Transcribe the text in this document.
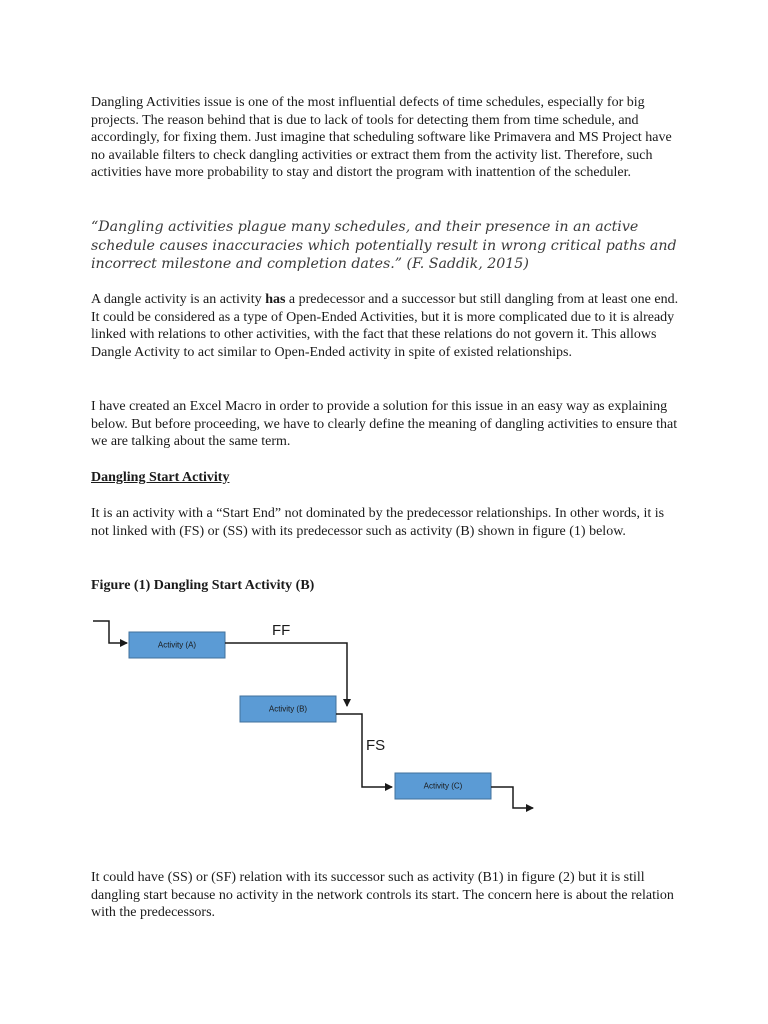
Dangling Activities issue is one of the most influential defects of time schedules, especially for big projects. The reason behind that is due to lack of tools for detecting them from time schedule, and accordingly, for fixing them. Just imagine that scheduling software like Primavera and MS Project have no available filters to check dangling activities or extract them from the activity list. Therefore, such activities have more probability to stay and distort the program with inattention of the scheduler.

“Dangling activities plague many schedules, and their presence in an active schedule causes inaccuracies which potentially result in wrong critical paths and incorrect milestone and completion dates.” (F. Saddik, 2015)

A dangle activity is an activity has a predecessor and a successor but still dangling from at least one end. It could be considered as a type of Open-Ended Activities, but it is more complicated due to it is already linked with relations to other activities, with the fact that these relations do not govern it. This allows Dangle Activity to act similar to Open-Ended activity in spite of existed relationships.

I have created an Excel Macro in order to provide a solution for this issue in an easy way as explaining below. But before proceeding, we have to clearly define the meaning of dangling activities to ensure that we are talking about the same term.

Dangling Start Activity

It is an activity with a “Start End” not dominated by the predecessor relationships. In other words, it is not linked with (FS) or (SS) with its predecessor such as activity (B) shown in figure (1) below.

Figure (1) Dangling Start Activity (B)

Activity (A)
FF
Activity (B)
FS
Activity (C)

It could have (SS) or (SF) relation with its successor such as activity (B1) in figure (2) but it is still dangling start because no activity in the network controls its start. The concern here is about the relation with the predecessors.
